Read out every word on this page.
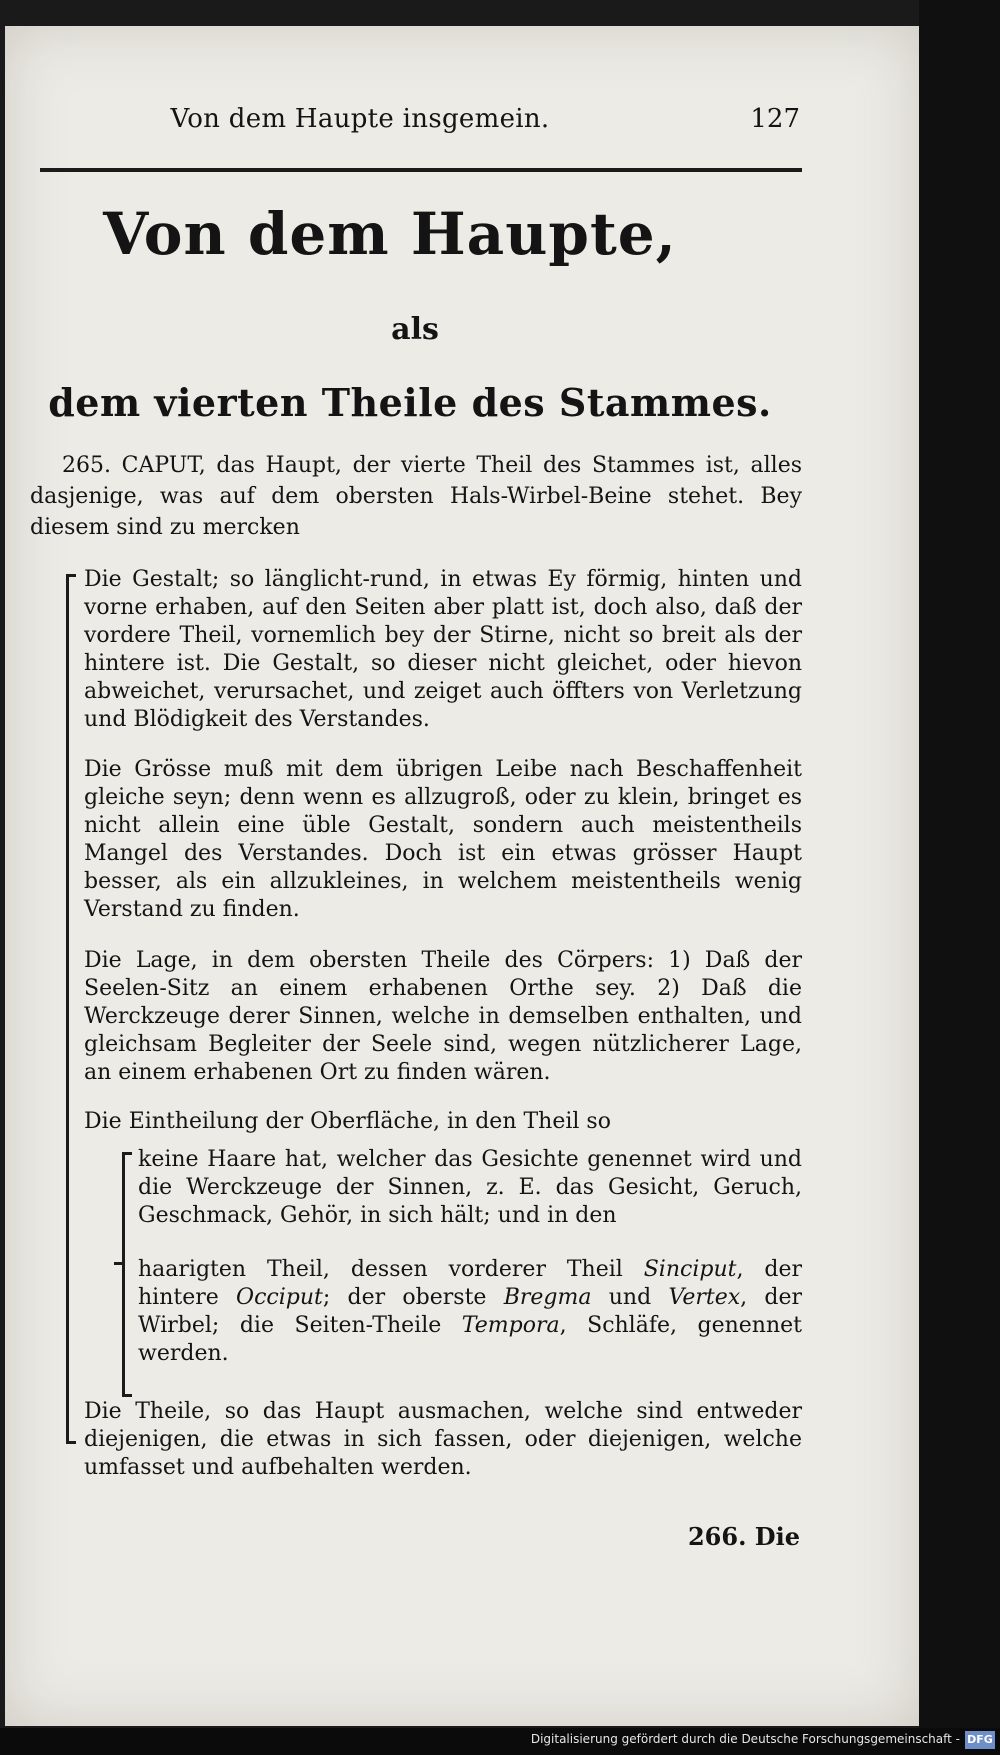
Von dem Haupte insgemein.	127
Von dem Haupte,
als
dem vierten Theile des Stammes.
265. CAPUT, das Haupt, der vierte Theil des Stammes ist, alles dasjenige, was auf dem obersten Hals-Wirbel-Beine stehet. Bey diesem sind zu mercken
Die Gestalt; so länglicht-rund, in etwas Ey förmig, hinten und vorne erhaben, auf den Seiten aber platt ist, doch also, daß der vordere Theil, vornemlich bey der Stirne, nicht so breit als der hintere ist. Die Gestalt, so dieser nicht gleichet, oder hievon abweichet, verursachet, und zeiget auch öffters von Verletzung und Blödigkeit des Verstandes.
Die Grösse muß mit dem übrigen Leibe nach Beschaffenheit gleiche seyn; denn wenn es allzugroß, oder zu klein, bringet es nicht allein eine üble Gestalt, sondern auch meistentheils Mangel des Verstandes. Doch ist ein etwas grösser Haupt besser, als ein allzukleines, in welchem meistentheils wenig Verstand zu finden.
Die Lage, in dem obersten Theile des Cörpers: 1) Daß der Seelen-Sitz an einem erhabenen Orthe sey. 2) Daß die Werckzeuge derer Sinnen, welche in demselben enthalten, und gleichsam Begleiter der Seele sind, wegen nützlicherer Lage, an einem erhabenen Ort zu finden wären.
Die Eintheilung der Oberfläche, in den Theil so
keine Haare hat, welcher das Gesichte genennet wird und die Werckzeuge der Sinnen, z. E. das Gesicht, Geruch, Geschmack, Gehör, in sich hält; und in den
haarigten Theil, dessen vorderer Theil Sinciput, der hintere Occiput; der oberste Bregma und Vertex, der Wirbel; die Seiten-Theile Tempora, Schläfe, genennet werden.
Die Theile, so das Haupt ausmachen, welche sind entweder diejenigen, die etwas in sich fassen, oder diejenigen, welche umfasset und aufbehalten werden.
266. Die
Digitalisierung gefördert durch die Deutsche Forschungsgemeinschaft - DFG
